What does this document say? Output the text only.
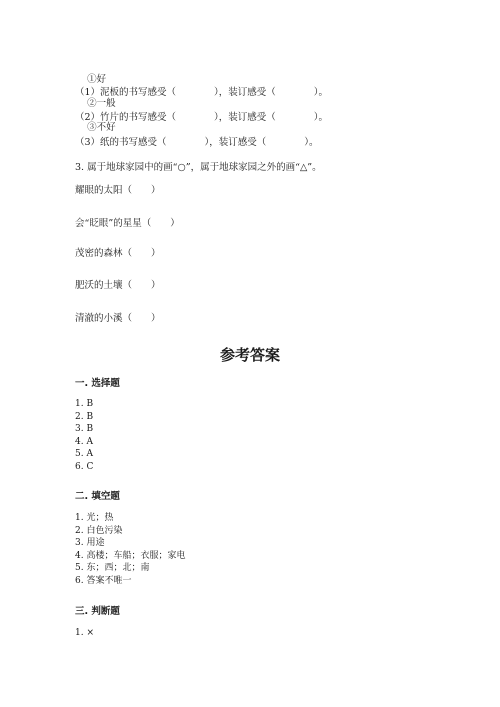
①好

②一般

③不好

（1）泥板的书写感受（　　　　），装订感受（　　　　）。
（2）竹片的书写感受（　　　　），装订感受（　　　　）。
（3）纸的书写感受（　　　　），装订感受（　　　　）。
3. 属于地球家园中的画“○”，属于地球家园之外的画“△”。
耀眼的太阳（　　）
会“眨眼”的星星（　　）
茂密的森林（　　）
肥沃的土壤（　　）
清澈的小溪（　　）
参考答案
一. 选择题
1. B
2. B
3. B
4. A
5. A
6. C
二. 填空题
1. 光；热
2. 白色污染
3. 用途
4. 高楼；车船；衣服；家电
5. 东；西；北；南
6. 答案不唯一
三. 判断题
1. ×
